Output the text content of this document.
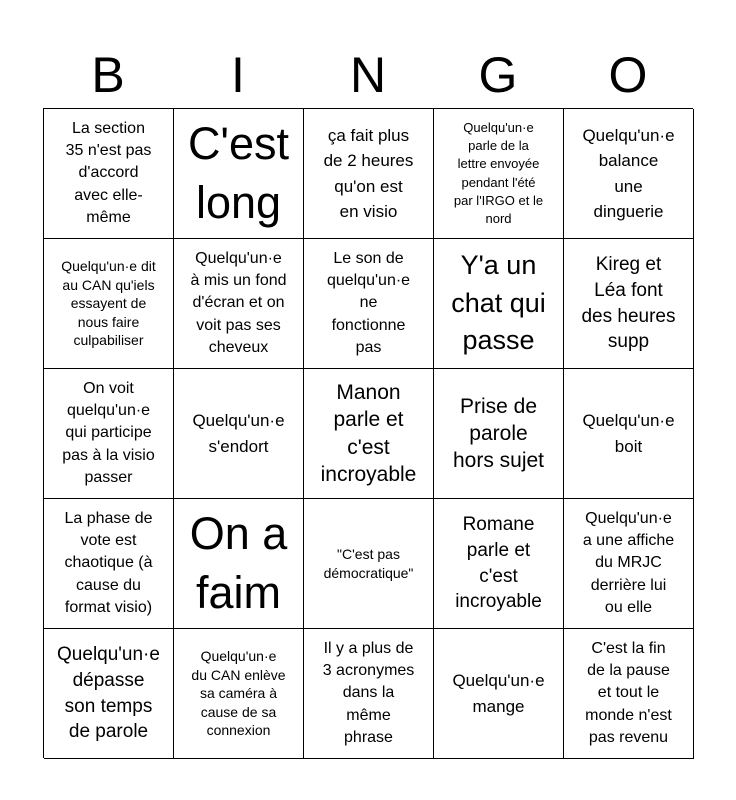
B	I	N	G	O
La section
35 n'est pas
d'accord
avec elle-
même
C'est
long
ça fait plus
de 2 heures
qu'on est
en visio
Quelqu'un·e
parle de la
lettre envoyée
pendant l'été
par l'IRGO et le
nord
Quelqu'un·e
balance
une
dinguerie
Quelqu'un·e dit
au CAN qu'iels
essayent de
nous faire
culpabiliser
Quelqu'un·e
à mis un fond
d'écran et on
voit pas ses
cheveux
Le son de
quelqu'un·e
ne
fonctionne
pas
Y'a un
chat qui
passe
Kireg et
Léa font
des heures
supp
On voit
quelqu'un·e
qui participe
pas à la visio
passer
Quelqu'un·e
s'endort
Manon
parle et
c'est
incroyable
Prise de
parole
hors sujet
Quelqu'un·e
boit
La phase de
vote est
chaotique (à
cause du
format visio)
On a
faim
"C'est pas
démocratique"
Romane
parle et
c'est
incroyable
Quelqu'un·e
a une affiche
du MRJC
derrière lui
ou elle
Quelqu'un·e
dépasse
son temps
de parole
Quelqu'un·e
du CAN enlève
sa caméra à
cause de sa
connexion
Il y a plus de
3 acronymes
dans la
même
phrase
Quelqu'un·e
mange
C'est la fin
de la pause
et tout le
monde n'est
pas revenu
